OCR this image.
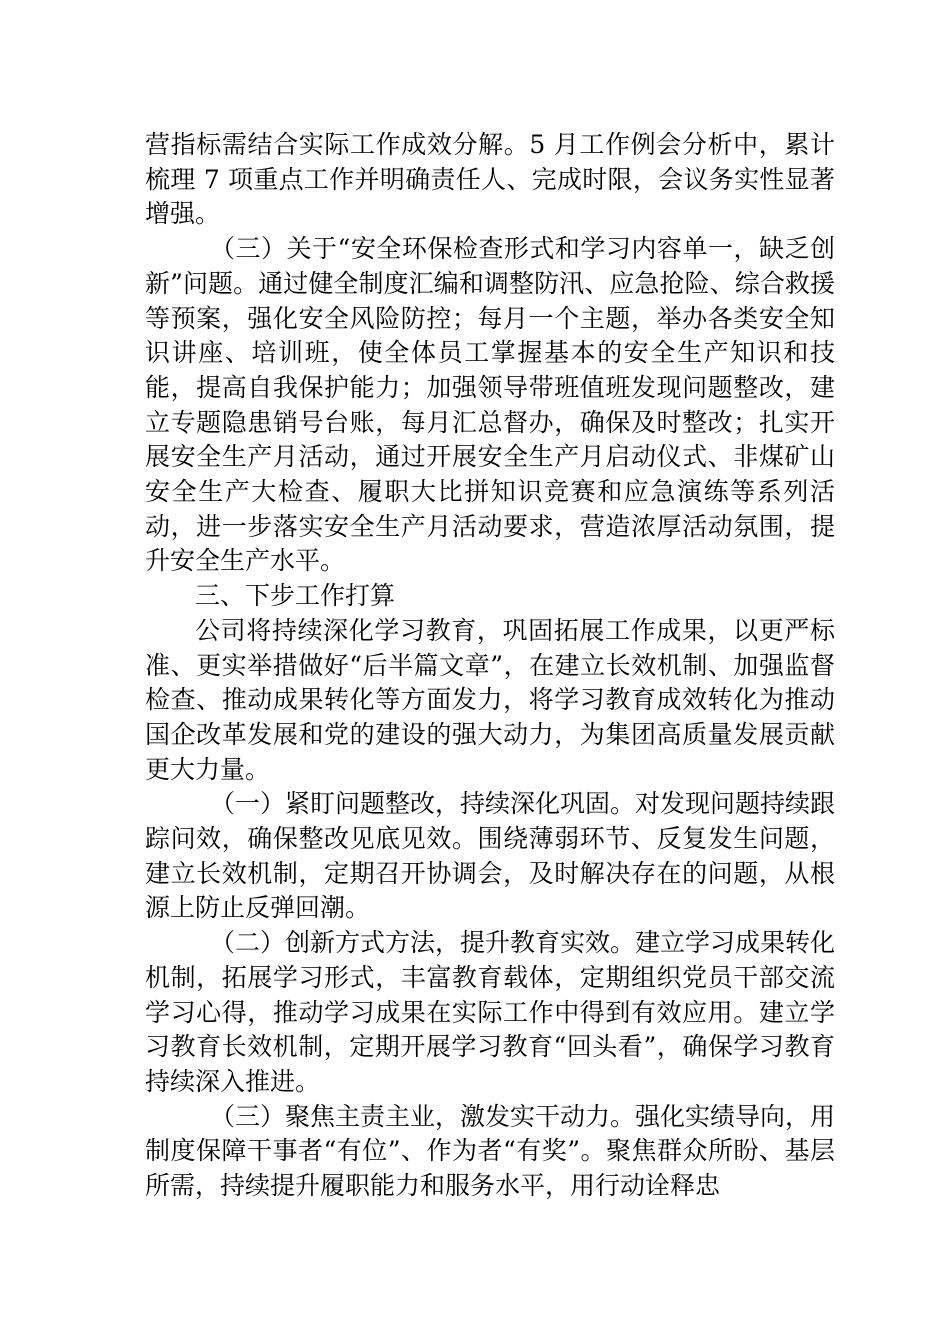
营指标需结合实际工作成效分解。5 月工作例会分析中，累计梳理 7 项重点工作并明确责任人、完成时限，会议务实性显著增强。

（三）关于“安全环保检查形式和学习内容单一，缺乏创新”问题。通过健全制度汇编和调整防汛、应急抢险、综合救援等预案，强化安全风险防控；每月一个主题，举办各类安全知识讲座、培训班，使全体员工掌握基本的安全生产知识和技能，提高自我保护能力；加强领导带班值班发现问题整改，建立专题隐患销号台账，每月汇总督办，确保及时整改；扎实开展安全生产月活动，通过开展安全生产月启动仪式、非煤矿山安全生产大检查、履职大比拼知识竞赛和应急演练等系列活动，进一步落实安全生产月活动要求，营造浓厚活动氛围，提升安全生产水平。

三、下步工作打算

公司将持续深化学习教育，巩固拓展工作成果，以更严标准、更实举措做好“后半篇文章”，在建立长效机制、加强监督检查、推动成果转化等方面发力，将学习教育成效转化为推动国企改革发展和党的建设的强大动力，为集团高质量发展贡献更大力量。

（一）紧盯问题整改，持续深化巩固。对发现问题持续跟踪问效，确保整改见底见效。围绕薄弱环节、反复发生问题，建立长效机制，定期召开协调会，及时解决存在的问题，从根源上防止反弹回潮。

（二）创新方式方法，提升教育实效。建立学习成果转化机制，拓展学习形式，丰富教育载体，定期组织党员干部交流学习心得，推动学习成果在实际工作中得到有效应用。建立学习教育长效机制，定期开展学习教育“回头看”，确保学习教育持续深入推进。

（三）聚焦主责主业，激发实干动力。强化实绩导向，用制度保障干事者“有位”、作为者“有奖”。聚焦群众所盼、基层所需，持续提升履职能力和服务水平，用行动诠释忠
